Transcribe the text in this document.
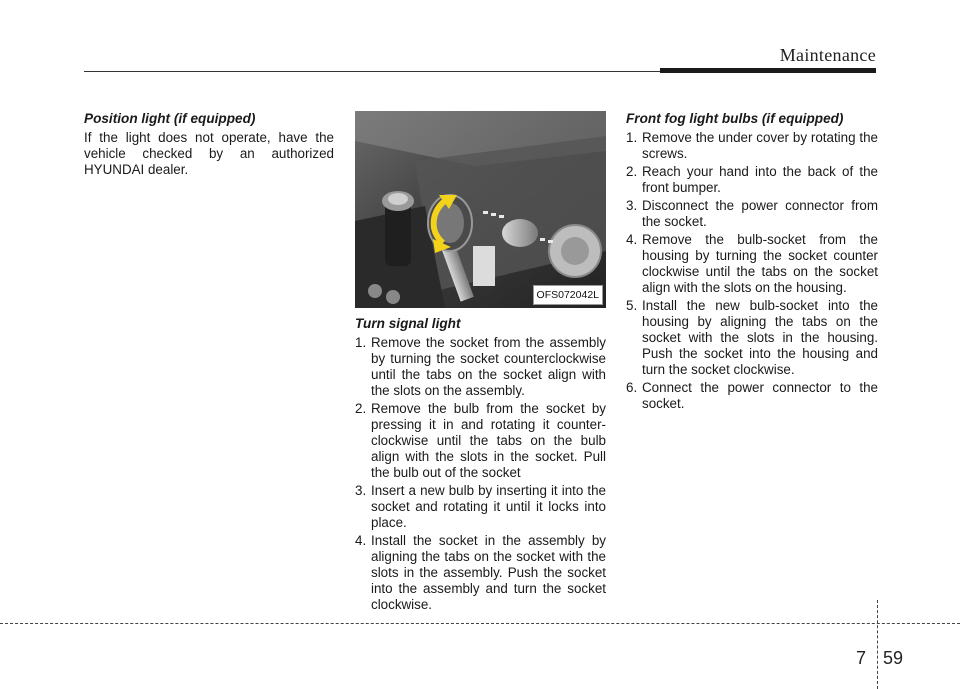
Maintenance

Position light (if equipped)

If the light does not operate, have the vehicle checked by an authorized HYUNDAI dealer.

OFS072042L

Turn signal light

1. Remove the socket from the assembly by turning the socket counterclockwise until the tabs on the socket align with the slots on the assembly.
2. Remove the bulb from the socket by pressing it in and rotating it counter-clockwise until the tabs on the bulb align with the slots in the socket. Pull the bulb out of the socket
3. Insert a new bulb by inserting it into the socket and rotating it until it locks into place.
4. Install the socket in the assembly by aligning the tabs on the socket with the slots in the assembly. Push the socket into the assembly and turn the socket clockwise.

Front fog light bulbs (if equipped)

1. Remove the under cover by rotating the screws.
2. Reach your hand into the back of the front bumper.
3. Disconnect the power connector from the socket.
4. Remove the bulb-socket from the housing by turning the socket counter clockwise until the tabs on the socket align with the slots on the housing.
5. Install the new bulb-socket into the housing by aligning the tabs on the socket with the slots in the housing. Push the socket into the housing and turn the socket clockwise.
6. Connect the power connector to the socket.
7 59
